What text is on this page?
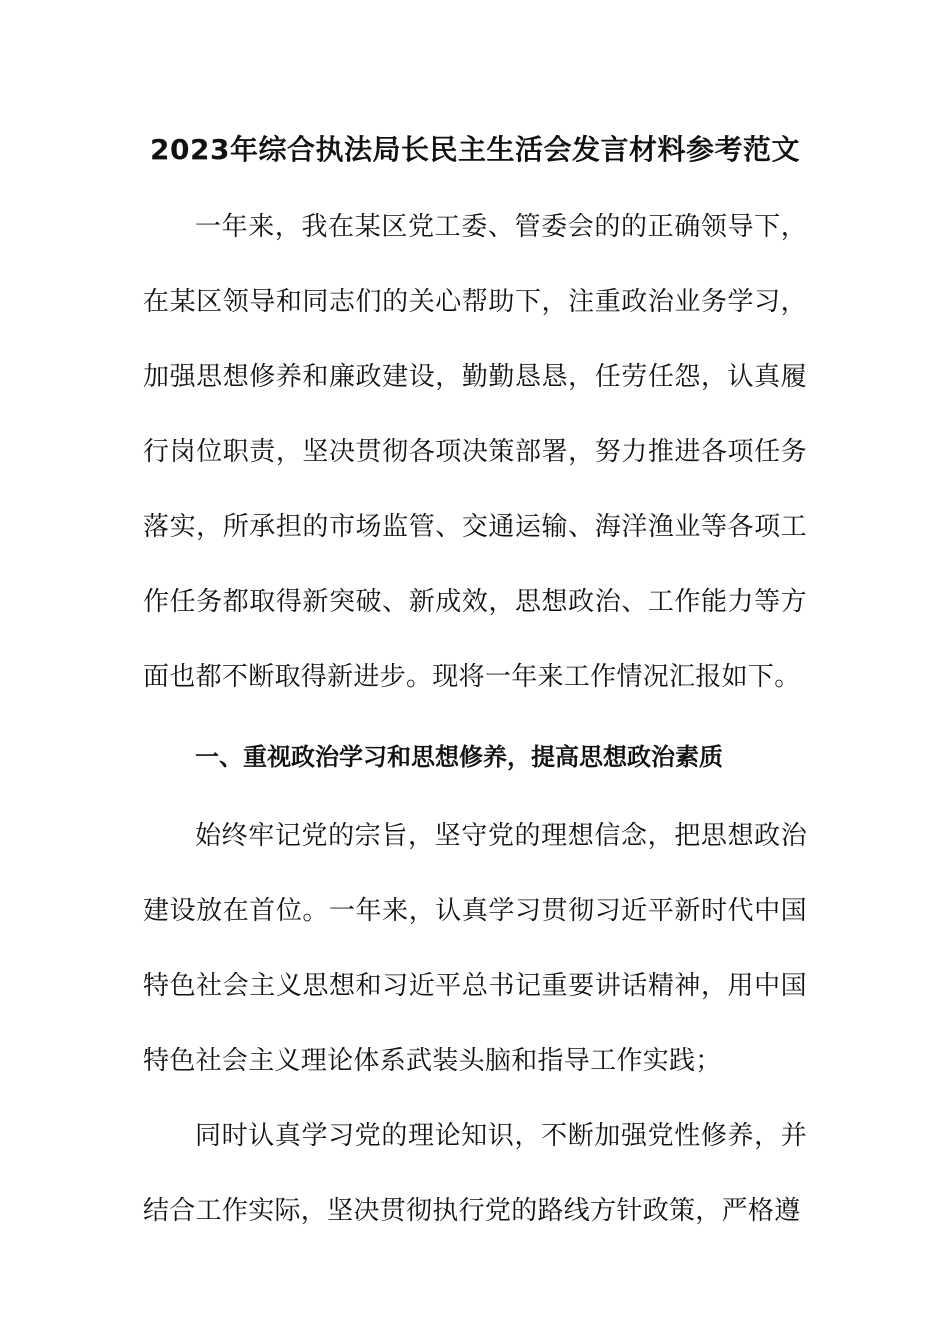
2023年综合执法局长民主生活会发言材料参考范文

一年来，我在某区党工委、管委会的的正确领导下，在某区领导和同志们的关心帮助下，注重政治业务学习，加强思想修养和廉政建设，勤勤恳恳，任劳任怨，认真履行岗位职责，坚决贯彻各项决策部署，努力推进各项任务落实，所承担的市场监管、交通运输、海洋渔业等各项工作任务都取得新突破、新成效，思想政治、工作能力等方面也都不断取得新进步。现将一年来工作情况汇报如下。

一、重视政治学习和思想修养，提高思想政治素质

始终牢记党的宗旨，坚守党的理想信念，把思想政治建设放在首位。一年来，认真学习贯彻习近平新时代中国特色社会主义思想和习近平总书记重要讲话精神，用中国特色社会主义理论体系武装头脑和指导工作实践；

同时认真学习党的理论知识，不断加强党性修养，并结合工作实际，坚决贯彻执行党的路线方针政策，严格遵
